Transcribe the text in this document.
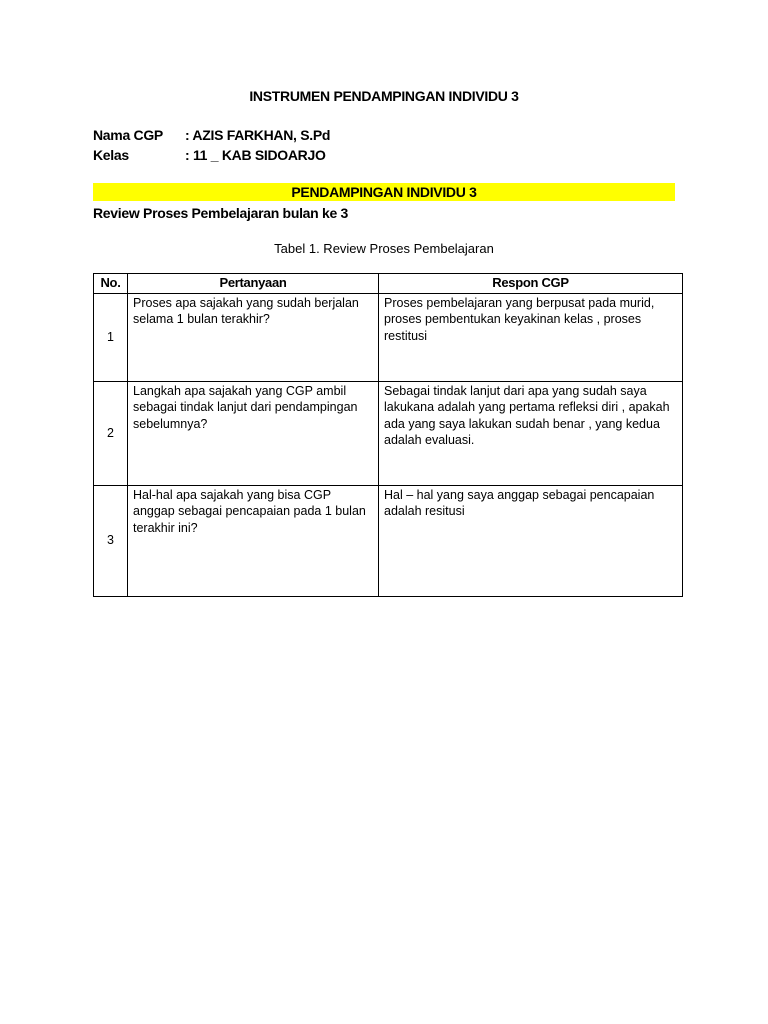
INSTRUMEN PENDAMPINGAN INDIVIDU 3
Nama CGP : AZIS FARKHAN, S.Pd
Kelas	: 11 _ KAB SIDOARJO
PENDAMPINGAN INDIVIDU 3
Review Proses Pembelajaran bulan ke 3
Tabel 1. Review Proses Pembelajaran
No.	Pertanyaan	Respon CGP
1	Proses apa sajakah yang sudah berjalan selama 1 bulan terakhir?	Proses pembelajaran yang berpusat pada murid, proses pembentukan keyakinan kelas , proses restitusi
2	Langkah apa sajakah yang CGP ambil sebagai tindak lanjut dari pendampingan sebelumnya?	Sebagai tindak lanjut dari apa yang sudah saya lakukana adalah yang pertama refleksi diri , apakah ada yang saya lakukan sudah benar , yang kedua adalah evaluasi.
3	Hal-hal apa sajakah yang bisa CGP anggap sebagai pencapaian pada 1 bulan terakhir ini?	Hal – hal yang saya anggap sebagai pencapaian adalah resitusi
